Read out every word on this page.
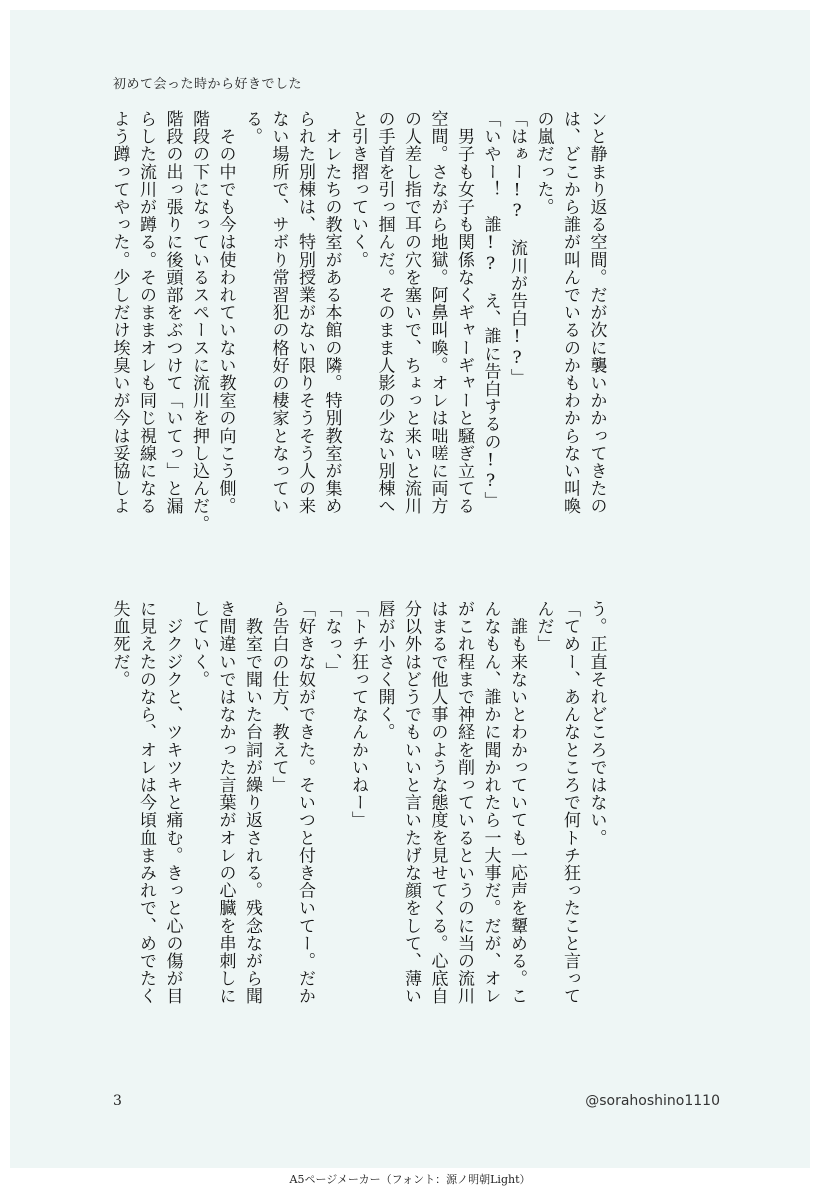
初めて会った時から好きでした
ンと静まり返る空間。だが次に襲いかかってきたの
は、どこから誰が叫んでいるのかもわからない叫喚
の嵐だった。
「はぁー!?　流川が告白!?」
「いやー！　誰!?　え、誰に告白するの!?」
　男子も女子も関係なくギャーギャーと騒ぎ立てる
空間。さながら地獄。阿鼻叫喚。オレは咄嗟に両方
の人差し指で耳の穴を塞いで、ちょっと来いと流川
の手首を引っ掴んだ。そのまま人影の少ない別棟へ
と引き摺っていく。
　オレたちの教室がある本館の隣。特別教室が集め
られた別棟は、特別授業がない限りそうそう人の来
ない場所で、サボり常習犯の格好の棲家となってい
る。
　その中でも今は使われていない教室の向こう側。
階段の下になっているスペースに流川を押し込んだ。
階段の出っ張りに後頭部をぶつけて「いてっ」と漏
らした流川が蹲る。そのままオレも同じ視線になる
よう蹲ってやった。少しだけ埃臭いが今は妥協しよ
う。正直それどころではない。
「てめー、あんなところで何トチ狂ったこと言って
んだ」
　誰も来ないとわかっていても一応声を顰める。こ
んなもん、誰かに聞かれたら一大事だ。だが、オレ
がこれ程まで神経を削っているというのに当の流川
はまるで他人事のような態度を見せてくる。心底自
分以外はどうでもいいと言いたげな顔をして、薄い
唇が小さく開く。
「トチ狂ってなんかいねー」
「なっ、」
「好きな奴ができた。そいつと付き合いてー。だか
ら告白の仕方、教えて」
　教室で聞いた台詞が繰り返される。残念ながら聞
き間違いではなかった言葉がオレの心臓を串刺しに
していく。
　ジクジクと、ツキツキと痛む。きっと心の傷が目
に見えたのなら、オレは今頃血まみれで、めでたく
失血死だ。
3	@sorahoshino1110
A5ページメーカー（フォント：源ノ明朝Light）
